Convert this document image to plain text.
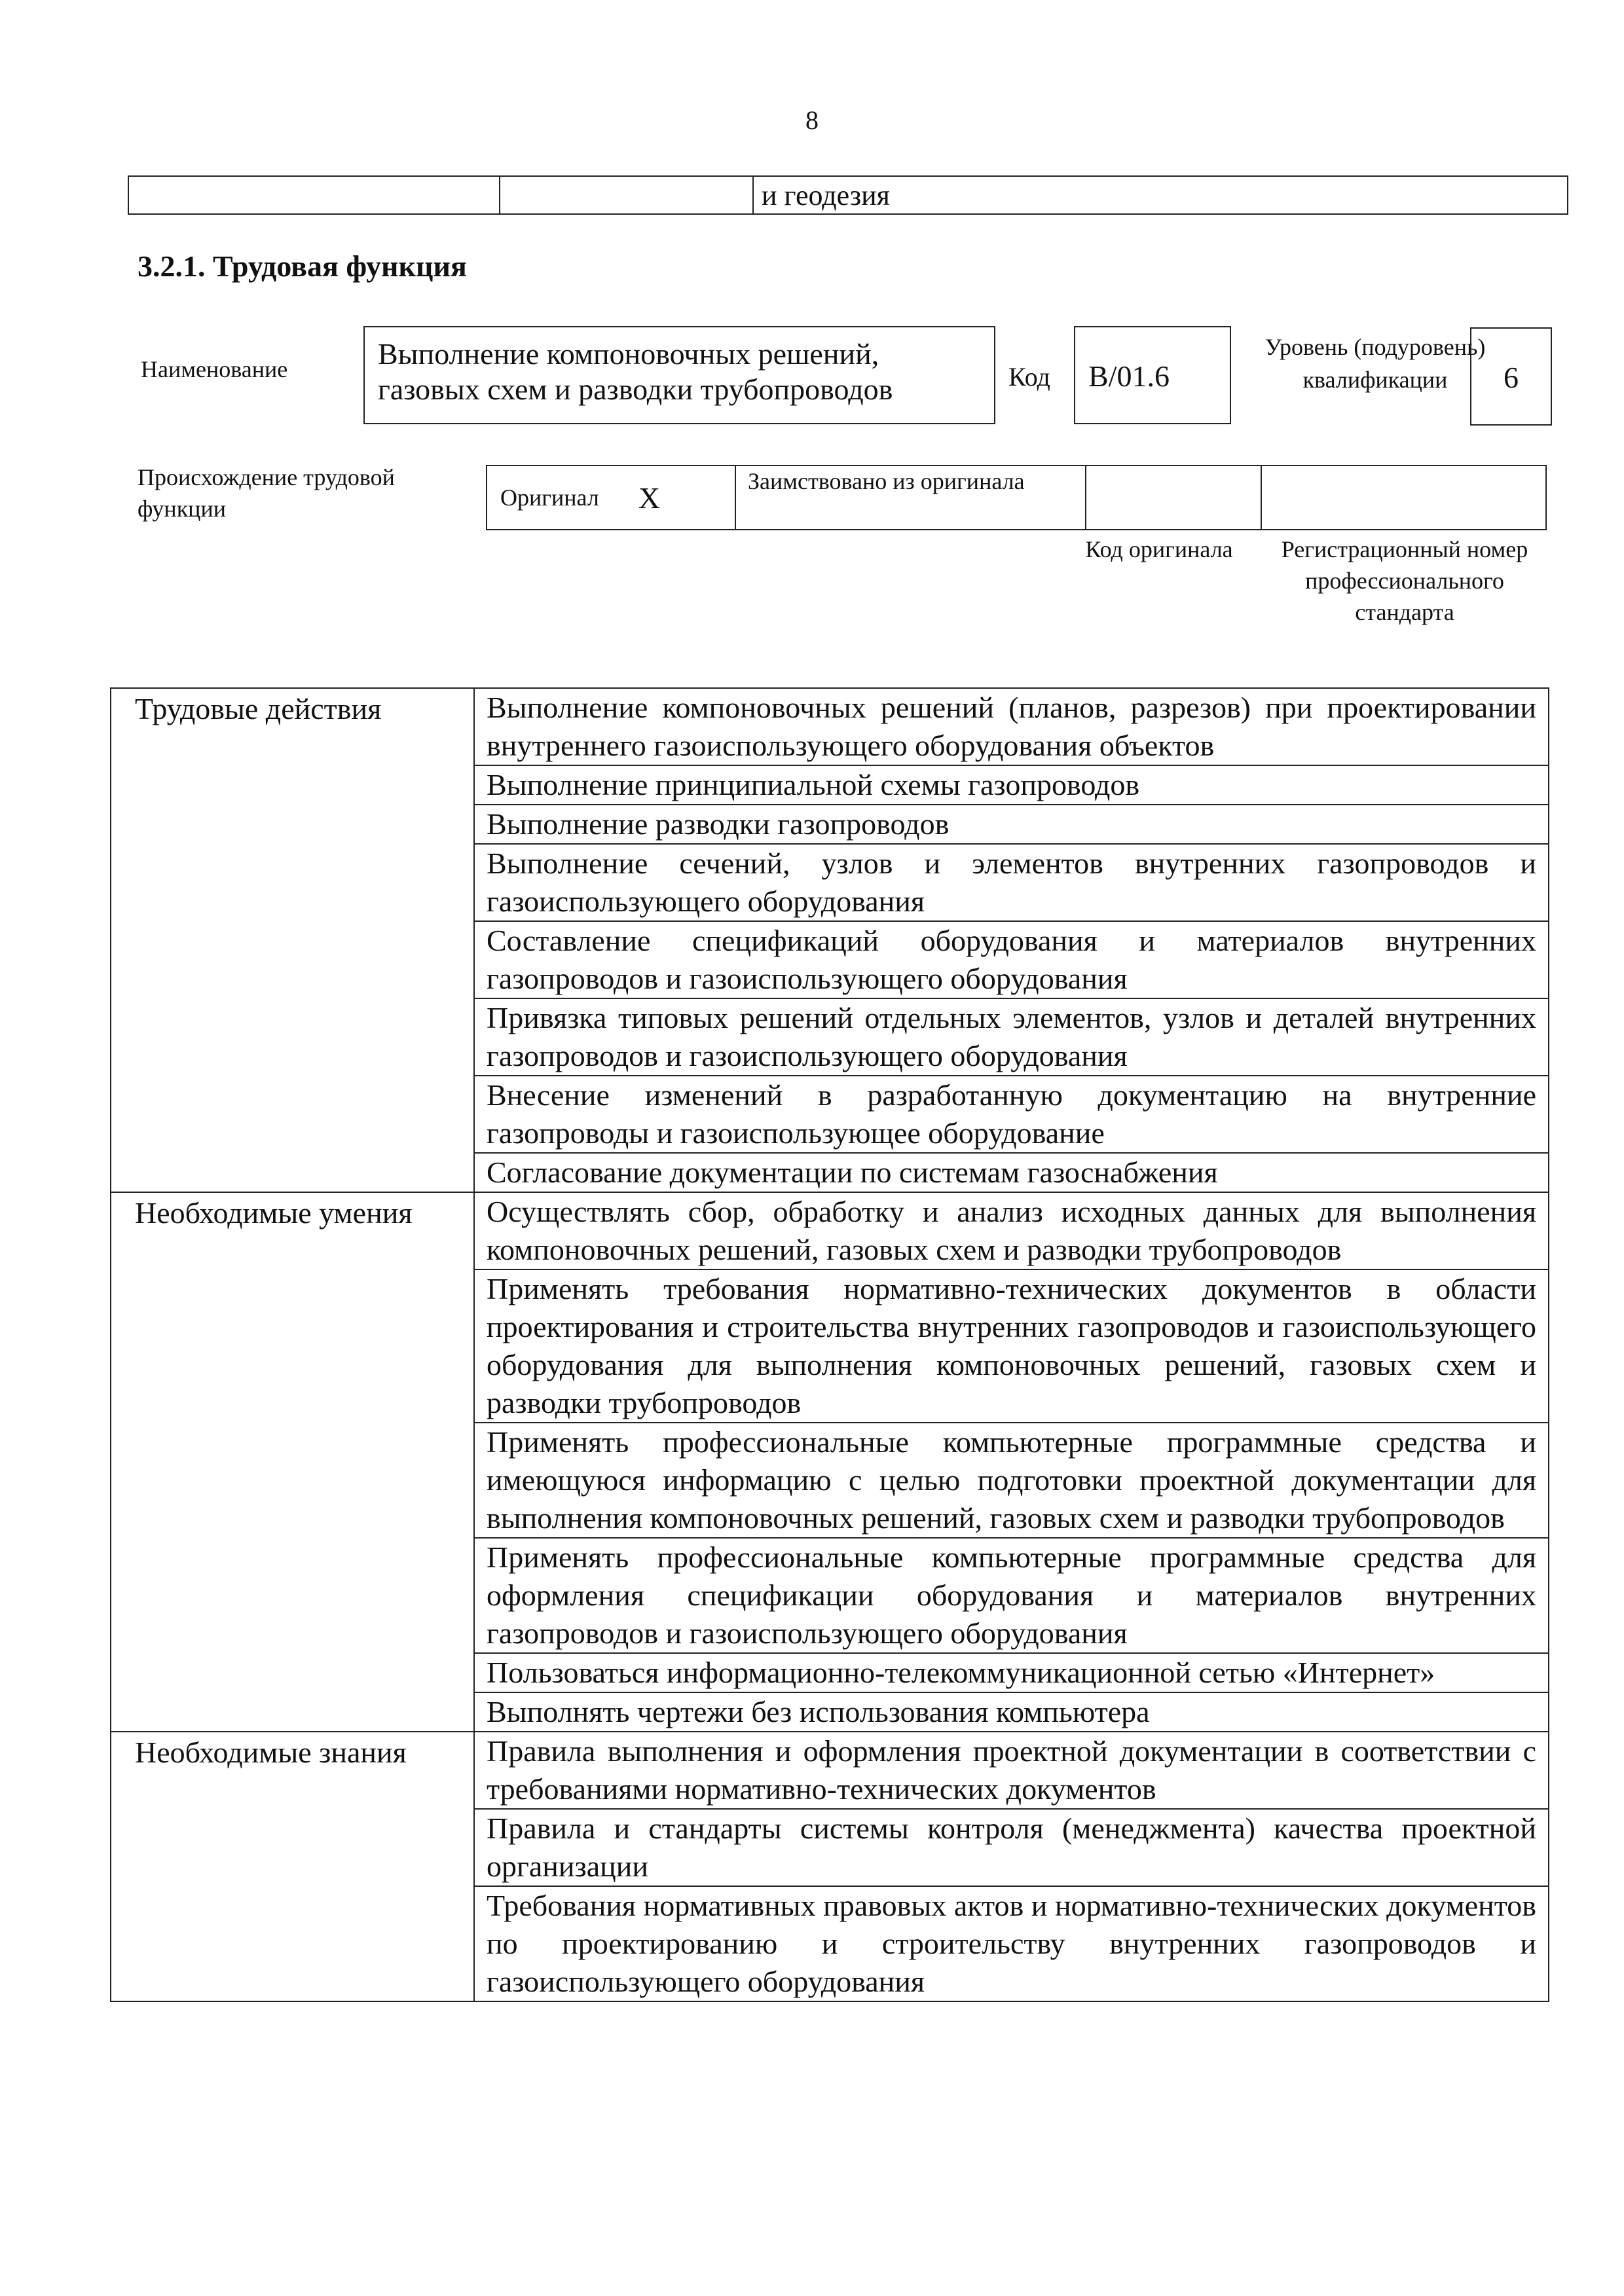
8
и геодезия
3.2.1. Трудовая функция
Наименование	Выполнение компоновочных решений, газовых схем и разводки трубопроводов	Код	В/01.6
Уровень (подуровень) квалификации	6
Происхождение трудовой функции	Оригинал X	Заимствовано из оригинала
Код оригинала	Регистрационный номер профессионального стандарта
Трудовые действия	Выполнение компоновочных решений (планов, разрезов) при проектировании внутреннего газоиспользующего оборудования объектов
	Выполнение принципиальной схемы газопроводов
	Выполнение разводки газопроводов
	Выполнение сечений, узлов и элементов внутренних газопроводов и газоиспользующего оборудования
	Составление спецификаций оборудования и материалов внутренних газопроводов и газоиспользующего оборудования
	Привязка типовых решений отдельных элементов, узлов и деталей внутренних газопроводов и газоиспользующего оборудования
	Внесение изменений в разработанную документацию на внутренние газопроводы и газоиспользующее оборудование
	Согласование документации по системам газоснабжения
Необходимые умения	Осуществлять сбор, обработку и анализ исходных данных для выполнения компоновочных решений, газовых схем и разводки трубопроводов
	Применять требования нормативно-технических документов в области проектирования и строительства внутренних газопроводов и газоиспользующего оборудования для выполнения компоновочных решений, газовых схем и разводки трубопроводов
	Применять профессиональные компьютерные программные средства и имеющуюся информацию с целью подготовки проектной документации для выполнения компоновочных решений, газовых схем и разводки трубопроводов
	Применять профессиональные компьютерные программные средства для оформления спецификации оборудования и материалов внутренних газопроводов и газоиспользующего оборудования
	Пользоваться информационно-телекоммуникационной сетью «Интернет»
	Выполнять чертежи без использования компьютера
Необходимые знания	Правила выполнения и оформления проектной документации в соответствии с требованиями нормативно-технических документов
	Правила и стандарты системы контроля (менеджмента) качества проектной организации
	Требования нормативных правовых актов и нормативно-технических документов по проектированию и строительству внутренних газопроводов и газоиспользующего оборудования
